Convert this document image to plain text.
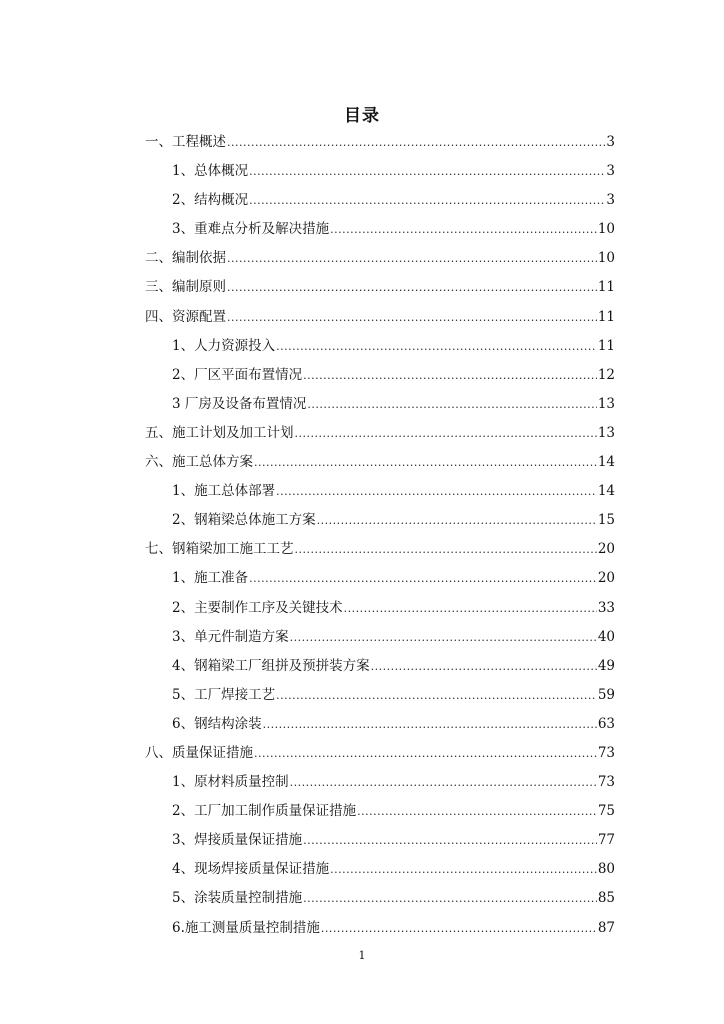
目录
一、工程概述 .....	3
1、总体概况 .....	3
2、结构概况 .....	3
3、重难点分析及解决措施 .....	10
二、编制依据 .....	10
三、编制原则 .....	11
四、资源配置 .....	11
1、人力资源投入 .....	11
2、厂区平面布置情况 .....	12
3 厂房及设备布置情况 .....	13
五、施工计划及加工计划 .....	13
六、施工总体方案 .....	14
1、施工总体部署 .....	14
2、钢箱梁总体施工方案 .....	15
七、钢箱梁加工施工工艺 .....	20
1、施工准备 .....	20
2、主要制作工序及关键技术 .....	33
3、单元件制造方案 .....	40
4、钢箱梁工厂组拼及预拼装方案 .....	49
5、工厂焊接工艺 .....	59
6、钢结构涂装 .....	63
八、质量保证措施 .....	73
1、原材料质量控制 .....	73
2、工厂加工制作质量保证措施 .....	75
3、焊接质量保证措施 .....	77
4、现场焊接质量保证措施 .....	80
5、涂装质量控制措施 .....	85
6.施工测量质量控制措施 .....	87
1
